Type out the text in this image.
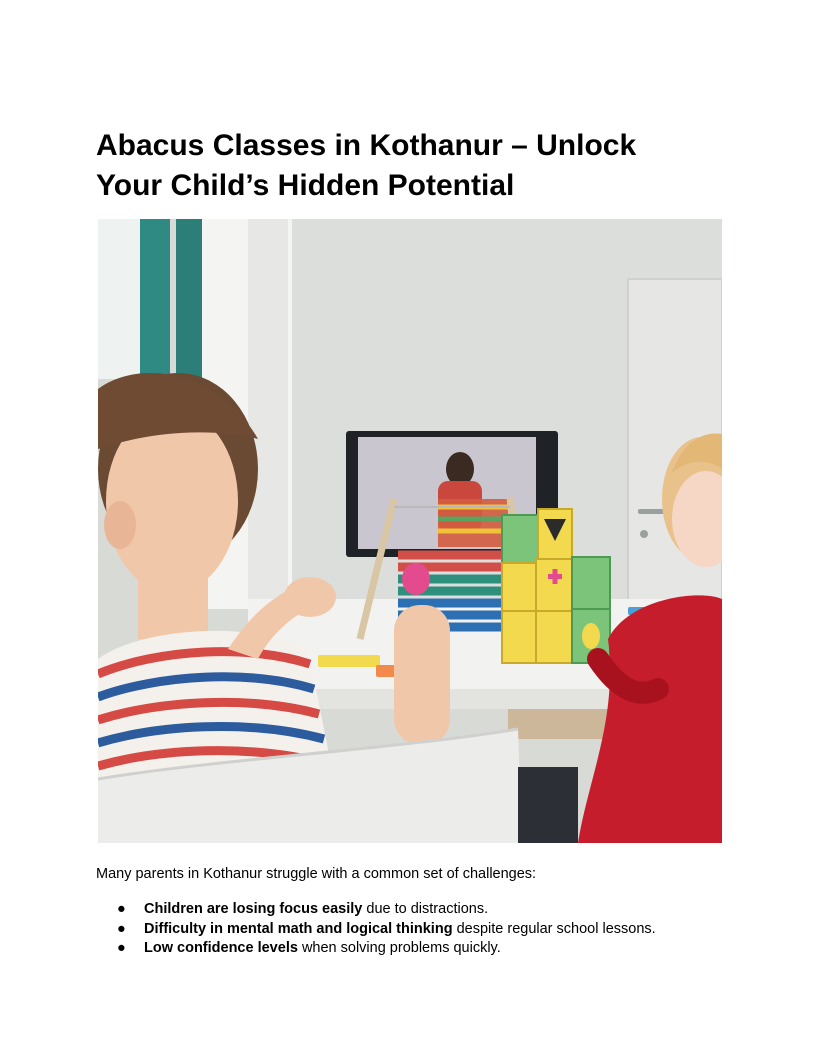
Abacus Classes in Kothanur – Unlock
Your Child’s Hidden Potential

Many parents in Kothanur struggle with a common set of challenges:

● Children are losing focus easily due to distractions.
● Difficulty in mental math and logical thinking despite regular school lessons.
● Low confidence levels when solving problems quickly.
